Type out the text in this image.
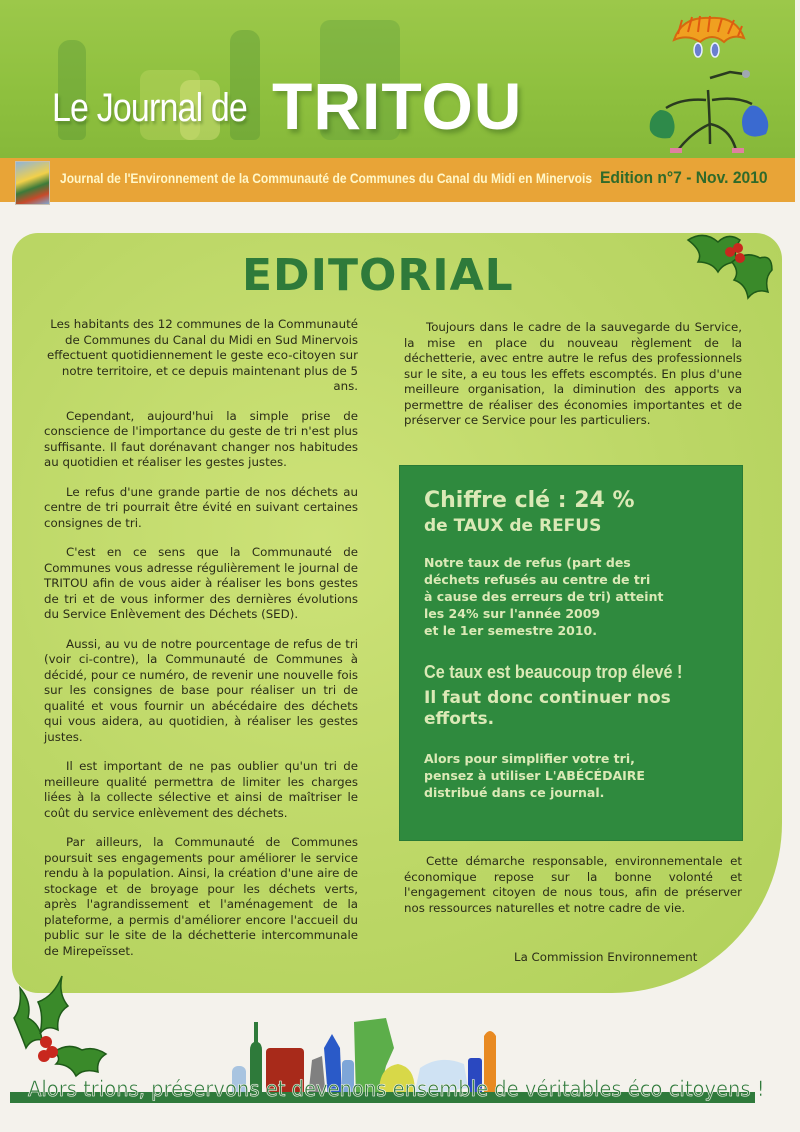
Le Journal de TRITOU
Journal de l'Environnement de la Communauté de Communes du Canal du Midi en Minervois Edition n°7 - Nov. 2010
EDITORIAL

Les habitants des 12 communes de la Communauté de Communes du Canal du Midi en Sud Minervois effectuent quotidiennement le geste eco-citoyen sur notre territoire, et ce depuis maintenant plus de 5 ans.

Cependant, aujourd'hui la simple prise de conscience de l'importance du geste de tri n'est plus suffisante. Il faut dorénavant changer nos habitudes au quotidien et réaliser les gestes justes.

Le refus d'une grande partie de nos déchets au centre de tri pourrait être évité en suivant certaines consignes de tri.

C'est en ce sens que la Communauté de Communes vous adresse régulièrement le journal de TRITOU afin de vous aider à réaliser les bons gestes de tri et de vous informer des dernières évolutions du Service Enlèvement des Déchets (SED).

Aussi, au vu de notre pourcentage de refus de tri (voir ci-contre), la Communauté de Communes à décidé, pour ce numéro, de revenir une nouvelle fois sur les consignes de base pour réaliser un tri de qualité et vous fournir un abécédaire des déchets qui vous aidera, au quotidien, à réaliser les gestes justes.

Il est important de ne pas oublier qu'un tri de meilleure qualité permettra de limiter les charges liées à la collecte sélective et ainsi de maîtriser le coût du service enlèvement des déchets.

Par ailleurs, la Communauté de Communes poursuit ses engagements pour améliorer le service rendu à la population. Ainsi, la création d'une aire de stockage et de broyage pour les déchets verts, après l'agrandissement et l'aménagement de la plateforme, a permis d'améliorer encore l'accueil du public sur le site de la déchetterie intercommunale de Mirepeïsset.

Toujours dans le cadre de la sauvegarde du Service, la mise en place du nouveau règlement de la déchetterie, avec entre autre le refus des professionnels sur le site, a eu tous les effets escomptés. En plus d'une meilleure organisation, la diminution des apports va permettre de réaliser des économies importantes et de préserver ce Service pour les particuliers.

Chiffre clé : 24 %
de TAUX de REFUS
Notre taux de refus (part des
déchets refusés au centre de tri
à cause des erreurs de tri) atteint
les 24% sur l'année 2009
et le 1er semestre 2010.
Ce taux est beaucoup trop élevé !
Il faut donc continuer nos efforts.
Alors pour simplifier votre tri,
pensez à utiliser L'ABÉCÉDAIRE
distribué dans ce journal.

Cette démarche responsable, environnementale et économique repose sur la bonne volonté et l'engagement citoyen de nous tous, afin de préserver nos ressources naturelles et notre cadre de vie.

La Commission Environnement
Alors trions, préservons et devenons ensemble de véritables éco citoyens !
